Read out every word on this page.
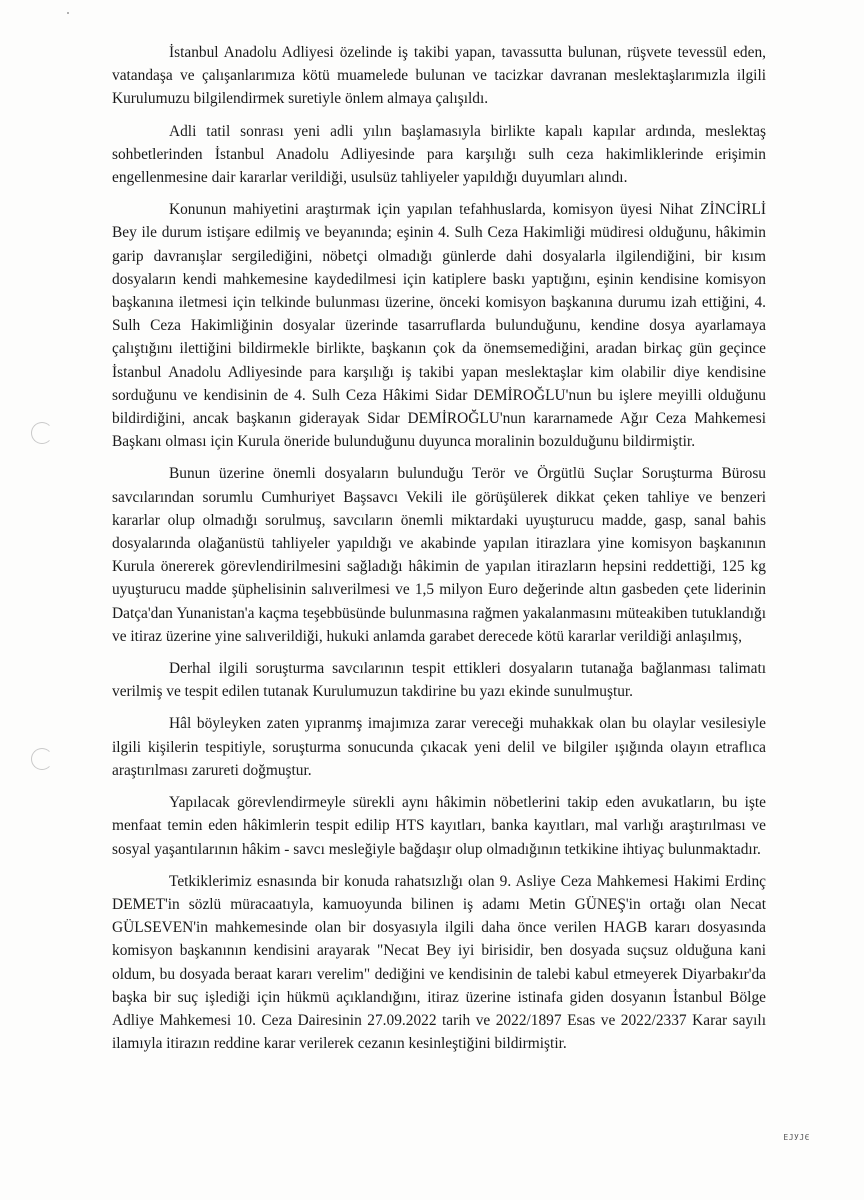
İstanbul Anadolu Adliyesi özelinde iş takibi yapan, tavassutta bulunan, rüşvete tevessül eden, vatandaşa ve çalışanlarımıza kötü muamelede bulunan ve tacizkar davranan meslektaşlarımızla ilgili Kurulumuzu bilgilendirmek suretiyle önlem almaya çalışıldı.

Adli tatil sonrası yeni adli yılın başlamasıyla birlikte kapalı kapılar ardında, meslektaş sohbetlerinden İstanbul Anadolu Adliyesinde para karşılığı sulh ceza hakimliklerinde erişimin engellenmesine dair kararlar verildiği, usulsüz tahliyeler yapıldığı duyumları alındı.

Konunun mahiyetini araştırmak için yapılan tefahhuslarda, komisyon üyesi Nihat ZİNCİRLİ Bey ile durum istişare edilmiş ve beyanında; eşinin 4. Sulh Ceza Hakimliği müdiresi olduğunu, hâkimin garip davranışlar sergilediğini, nöbetçi olmadığı günlerde dahi dosyalarla ilgilendiğini, bir kısım dosyaların kendi mahkemesine kaydedilmesi için katiplere baskı yaptığını, eşinin kendisine komisyon başkanına iletmesi için telkinde bulunması üzerine, önceki komisyon başkanına durumu izah ettiğini, 4. Sulh Ceza Hakimliğinin dosyalar üzerinde tasarruflarda bulunduğunu, kendine dosya ayarlamaya çalıştığını ilettiğini bildirmekle birlikte, başkanın çok da önemsemediğini, aradan birkaç gün geçince İstanbul Anadolu Adliyesinde para karşılığı iş takibi yapan meslektaşlar kim olabilir diye kendisine sorduğunu ve kendisinin de 4. Sulh Ceza Hâkimi Sidar DEMİROĞLU'nun bu işlere meyilli olduğunu bildirdiğini, ancak başkanın giderayak Sidar DEMİROĞLU'nun kararnamede Ağır Ceza Mahkemesi Başkanı olması için Kurula öneride bulunduğunu duyunca moralinin bozulduğunu bildirmiştir.

Bunun üzerine önemli dosyaların bulunduğu Terör ve Örgütlü Suçlar Soruşturma Bürosu savcılarından sorumlu Cumhuriyet Başsavcı Vekili ile görüşülerek dikkat çeken tahliye ve benzeri kararlar olup olmadığı sorulmuş, savcıların önemli miktardaki uyuşturucu madde, gasp, sanal bahis dosyalarında olağanüstü tahliyeler yapıldığı ve akabinde yapılan itirazlara yine komisyon başkanının Kurula önererek görevlendirilmesini sağladığı hâkimin de yapılan itirazların hepsini reddettiği, 125 kg uyuşturucu madde şüphelisinin salıverilmesi ve 1,5 milyon Euro değerinde altın gasbeden çete liderinin Datça'dan Yunanistan'a kaçma teşebbüsünde bulunmasına rağmen yakalanmasını müteakiben tutuklandığı ve itiraz üzerine yine salıverildiği, hukuki anlamda garabet derecede kötü kararlar verildiği anlaşılmış,

Derhal ilgili soruşturma savcılarının tespit ettikleri dosyaların tutanağa bağlanması talimatı verilmiş ve tespit edilen tutanak Kurulumuzun takdirine bu yazı ekinde sunulmuştur.

Hâl böyleyken zaten yıpranmş imajımıza zarar vereceği muhakkak olan bu olaylar vesilesiyle ilgili kişilerin tespitiyle, soruşturma sonucunda çıkacak yeni delil ve bilgiler ışığında olayın etraflıca araştırılması zarureti doğmuştur.

Yapılacak görevlendirmeyle sürekli aynı hâkimin nöbetlerini takip eden avukatların, bu işte menfaat temin eden hâkimlerin tespit edilip HTS kayıtları, banka kayıtları, mal varlığı araştırılması ve sosyal yaşantılarının hâkim - savcı mesleğiyle bağdaşır olup olmadığının tetkikine ihtiyaç bulunmaktadır.

Tetkiklerimiz esnasında bir konuda rahatsızlığı olan 9. Asliye Ceza Mahkemesi Hakimi Erdinç DEMET'in sözlü müracaatıyla, kamuoyunda bilinen iş adamı Metin GÜNEŞ'in ortağı olan Necat GÜLSEVEN'in mahkemesinde olan bir dosyasıyla ilgili daha önce verilen HAGB kararı dosyasında komisyon başkanının kendisini arayarak "Necat Bey iyi birisidir, ben dosyada suçsuz olduğuna kani oldum, bu dosyada beraat kararı verelim" dediğini ve kendisinin de talebi kabul etmeyerek Diyarbakır'da başka bir suç işlediği için hükmü açıklandığını, itiraz üzerine istinafa giden dosyanın İstanbul Bölge Adliye Mahkemesi 10. Ceza Dairesinin 27.09.2022 tarih ve 2022/1897 Esas ve 2022/2337 Karar sayılı ilamıyla itirazın reddine karar verilerek cezanın kesinleştiğini bildirmiştir.

ЕЈУЈЄ
